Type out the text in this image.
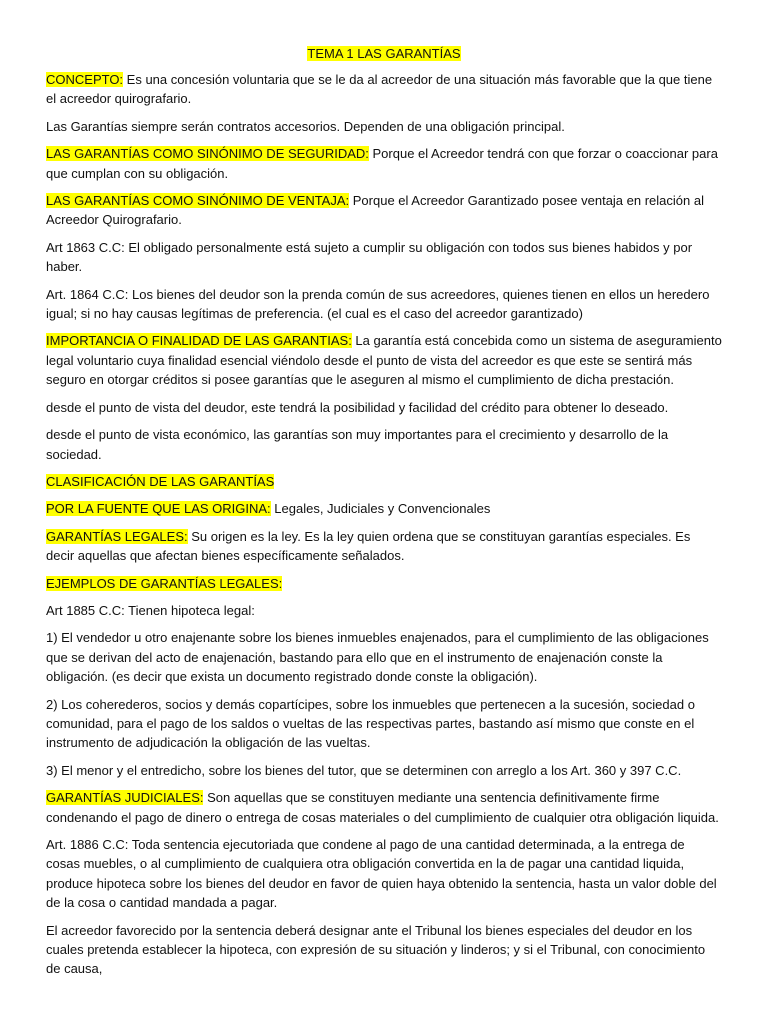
TEMA 1 LAS GARANTÍAS

CONCEPTO: Es una concesión voluntaria que se le da al acreedor de una situación más favorable que la que tiene el acreedor quirografario.

Las Garantías siempre serán contratos accesorios. Dependen de una obligación principal.

LAS GARANTÍAS COMO SINÓNIMO DE SEGURIDAD: Porque el Acreedor tendrá con que forzar o coaccionar para que cumplan con su obligación.

LAS GARANTÍAS COMO SINÓNIMO DE VENTAJA: Porque el Acreedor Garantizado posee ventaja en relación al Acreedor Quirografario.

Art 1863 C.C: El obligado personalmente está sujeto a cumplir su obligación con todos sus bienes habidos y por haber.

Art. 1864 C.C: Los bienes del deudor son la prenda común de sus acreedores, quienes tienen en ellos un heredero igual; si no hay causas legítimas de preferencia. (el cual es el caso del acreedor garantizado)

IMPORTANCIA O FINALIDAD DE LAS GARANTIAS: La garantía está concebida como un sistema de aseguramiento legal voluntario cuya finalidad esencial viéndolo desde el punto de vista del acreedor es que este se sentirá más seguro en otorgar créditos si posee garantías que le aseguren al mismo el cumplimiento de dicha prestación.

desde el punto de vista del deudor, este tendrá la posibilidad y facilidad del crédito para obtener lo deseado.

desde el punto de vista económico, las garantías son muy importantes para el crecimiento y desarrollo de la sociedad.

CLASIFICACIÓN DE LAS GARANTÍAS

POR LA FUENTE QUE LAS ORIGINA: Legales, Judiciales y Convencionales

GARANTÍAS LEGALES: Su origen es la ley. Es la ley quien ordena que se constituyan garantías especiales. Es decir aquellas que afectan bienes específicamente señalados.

EJEMPLOS DE GARANTÍAS LEGALES:

Art 1885 C.C: Tienen hipoteca legal:

1) El vendedor u otro enajenante sobre los bienes inmuebles enajenados, para el cumplimiento de las obligaciones que se derivan del acto de enajenación, bastando para ello que en el instrumento de enajenación conste la obligación. (es decir que exista un documento registrado donde conste la obligación).

2) Los coherederos, socios y demás copartícipes, sobre los inmuebles que pertenecen a la sucesión, sociedad o comunidad, para el pago de los saldos o vueltas de las respectivas partes, bastando así mismo que conste en el instrumento de adjudicación la obligación de las vueltas.

3) El menor y el entredicho, sobre los bienes del tutor, que se determinen con arreglo a los Art. 360 y 397 C.C.

GARANTÍAS JUDICIALES: Son aquellas que se constituyen mediante una sentencia definitivamente firme condenando el pago de dinero o entrega de cosas materiales o del cumplimiento de cualquier otra obligación liquida.

Art. 1886 C.C: Toda sentencia ejecutoriada que condene al pago de una cantidad determinada, a la entrega de cosas muebles, o al cumplimiento de cualquiera otra obligación convertida en la de pagar una cantidad liquida, produce hipoteca sobre los bienes del deudor en favor de quien haya obtenido la sentencia, hasta un valor doble del de la cosa o cantidad mandada a pagar.

El acreedor favorecido por la sentencia deberá designar ante el Tribunal los bienes especiales del deudor en los cuales pretenda establecer la hipoteca, con expresión de su situación y linderos; y si el Tribunal, con conocimiento de causa,
